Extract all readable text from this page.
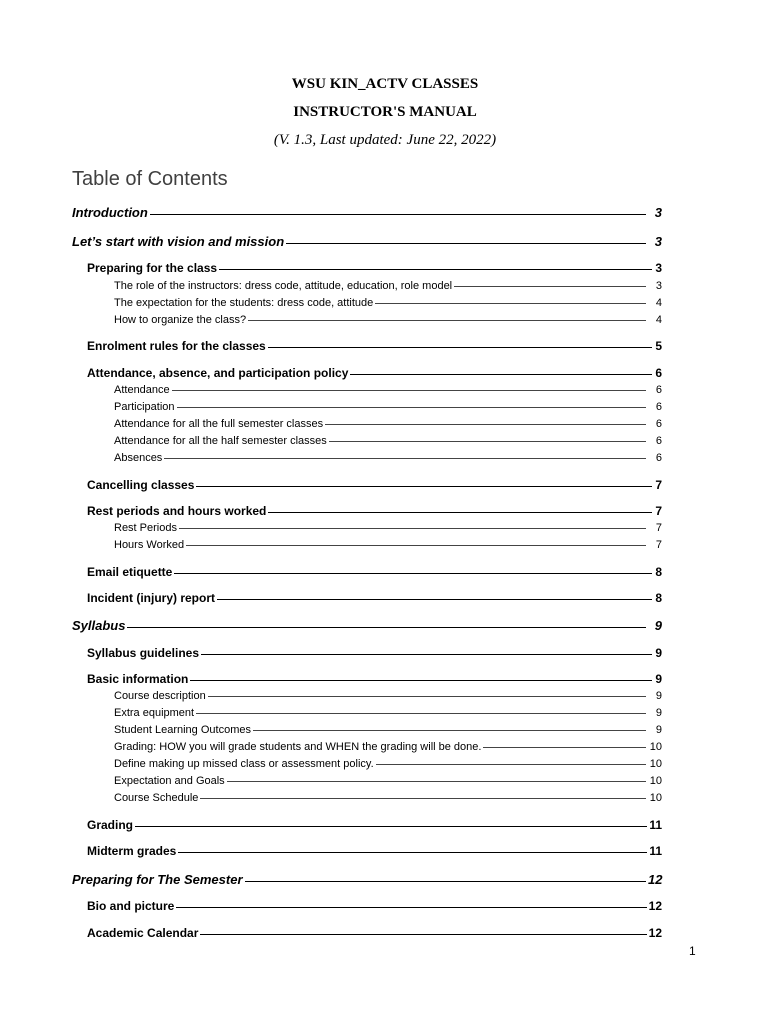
WSU KIN_ACTV CLASSES
INSTRUCTOR'S MANUAL
(V. 1.3, Last updated: June 22, 2022)
Table of Contents
Introduction	3
Let’s start with vision and mission	3
Preparing for the class	3
The role of the instructors: dress code, attitude, education, role model	3
The expectation for the students: dress code, attitude	4
How to organize the class?	4
Enrolment rules for the classes	5
Attendance, absence, and participation policy	6
Attendance	6
Participation	6
Attendance for all the full semester classes	6
Attendance for all the half semester classes	6
Absences	6
Cancelling classes	7
Rest periods and hours worked	7
Rest Periods	7
Hours Worked	7
Email etiquette	8
Incident (injury) report	8
Syllabus	9
Syllabus guidelines	9
Basic information	9
Course description	9
Extra equipment	9
Student Learning Outcomes	9
Grading: HOW you will grade students and WHEN the grading will be done.	10
Define making up missed class or assessment policy.	10
Expectation and Goals	10
Course Schedule	10
Grading	11
Midterm grades	11
Preparing for The Semester	12
Bio and picture	12
Academic Calendar	12
1
